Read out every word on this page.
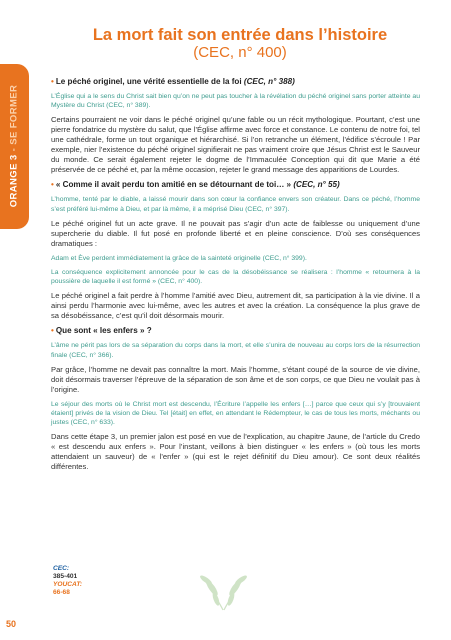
ORANGE 3 - SE FORMER
La mort fait son entrée dans l’histoire
(CEC, n° 400)
• Le péché originel, une vérité essentielle de la foi (CEC, n° 388)

L’Église qui a le sens du Christ sait bien qu’on ne peut pas toucher à la révélation du péché originel sans porter atteinte au Mystère du Christ (CEC, n° 389).

Certains pourraient ne voir dans le péché originel qu’une fable ou un récit mythologique. Pourtant, c’est une pierre fondatrice du mystère du salut, que l’Église affirme avec force et constance. Le contenu de notre foi, tel une cathédrale, forme un tout organique et hiérarchisé. Si l’on retranche un élément, l’édifice s’écroule ! Par exemple, nier l’existence du péché originel signifierait ne pas vraiment croire que Jésus Christ est le Sauveur du monde. Ce serait également rejeter le dogme de l’Immaculée Conception qui dit que Marie a été préservée de ce péché et, par la même occasion, rejeter le grand message des apparitions de Lourdes.

• « Comme il avait perdu ton amitié en se détournant de toi… » (CEC, n° 55)

L’homme, tenté par le diable, a laissé mourir dans son cœur la confiance envers son créateur. Dans ce péché, l’homme s’est préféré lui-même à Dieu, et par là même, il a méprisé Dieu (CEC, n° 397).

Le péché originel fut un acte grave. Il ne pouvait pas s’agir d’un acte de faiblesse ou uniquement d’une supercherie du diable. Il fut posé en profonde liberté et en pleine conscience. D’où ses conséquences dramatiques :

Adam et Ève perdent immédiatement la grâce de la sainteté originelle (CEC, n° 399).

La conséquence explicitement annoncée pour le cas de la désobéissance se réalisera : l’homme « retournera à la poussière de laquelle il est formé » (CEC, n° 400).

Le péché originel a fait perdre à l’homme l’amitié avec Dieu, autrement dit, sa participation à la vie divine. Il a ainsi perdu l’harmonie avec lui-même, avec les autres et avec la création. La conséquence la plus grave de sa désobéissance, c’est qu’il doit désormais mourir.

• Que sont « les enfers » ?

L’âme ne périt pas lors de sa séparation du corps dans la mort, et elle s’unira de nouveau au corps lors de la résurrection finale (CEC, n° 366).

Par grâce, l’homme ne devait pas connaître la mort. Mais l’homme, s’étant coupé de la source de vie divine, doit désormais traverser l’épreuve de la séparation de son âme et de son corps, ce que Dieu ne voulait pas à l’origine.

Le séjour des morts où le Christ mort est descendu, l’Écriture l’appelle les enfers […] parce que ceux qui s’y [trouvaient étaient] privés de la vision de Dieu. Tel [était] en effet, en attendant le Rédempteur, le cas de tous les morts, méchants ou justes (CEC, n° 633).

Dans cette étape 3, un premier jalon est posé en vue de l’explication, au chapitre Jaune, de l’article du Credo « est descendu aux enfers ». Pour l’instant, veillons à bien distinguer « les enfers » (où tous les morts attendaient un sauveur) de « l’enfer » (qui est le rejet définitif du Dieu amour). Ce sont deux réalités différentes.

CEC:
385-401
YOUCAT:
66-68
50
